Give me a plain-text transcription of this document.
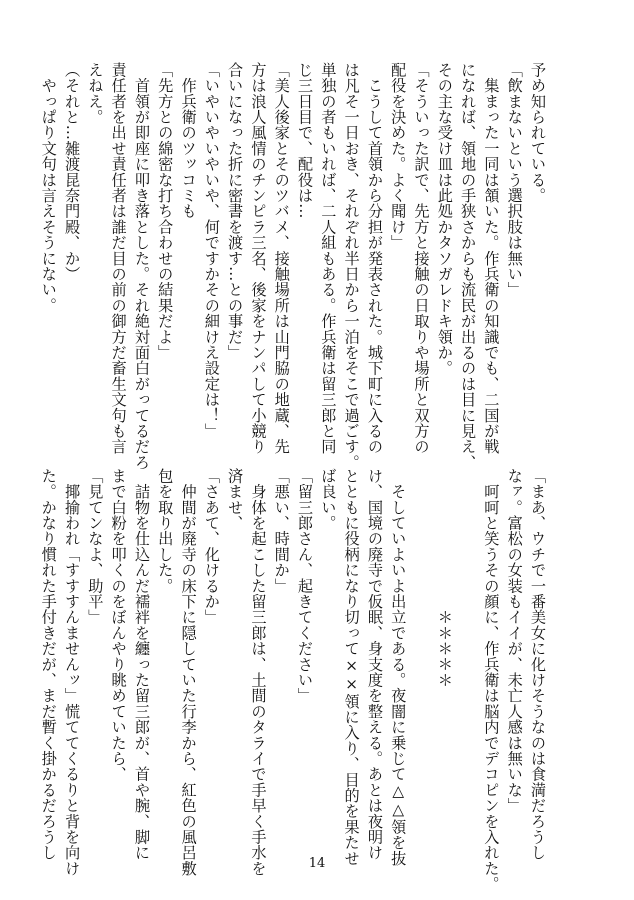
予め知られている。
「飲まないという選択肢は無い」
　集まった一同は頷いた。作兵衛の知識でも、二国が戦
になれば、領地の手狭さからも流民が出るのは目に見え、
その主な受け皿は此処かタソガレドキ領か。
「そういった訳で、先方と接触の日取りや場所と双方の
配役を決めた。よく聞け」
　こうして首領から分担が発表された。城下町に入るの
は凡そ一日おき、それぞれ半日から一泊をそこで過ごす。
単独の者もいれば、二人組もある。作兵衛は留三郎と同
じ三日目で、配役は…
「美人後家とそのツバメ、接触場所は山門脇の地蔵、先
方は浪人風情のチンピラ三名、後家をナンパして小競り
合いになった折に密書を渡す…との事だ」
「いやいやいやいや、何ですかその細けえ設定は！」
　作兵衛のツッコミも
「先方との綿密な打ち合わせの結果だよ」
　首領が即座に叩き落とした。それ絶対面白がってるだろ
責任者を出せ責任者は誰だ目の前の御方だ畜生文句も言
えねえ。
（それと…雑渡昆奈門殿、か）
　やっぱり文句は言えそうにない。
「まあ、ウチで一番美女に化けそうなのは食満だろうし
なァ。富松の女装もイイが、未亡人感は無いな」
　呵呵と笑うその顔に、作兵衛は脳内でデコピンを入れた。

　　　　　　　　　＊＊＊＊＊

　そしていよいよ出立である。夜闇に乗じて△△領を抜
け、国境の廃寺で仮眠、身支度を整える。あとは夜明け
とともに役柄になり切って××領に入り、目的を果たせ
ば良い。
「留三郎さん、起きてください」
「悪い、時間か」
　身体を起こした留三郎は、土間のタライで手早く手水を
済ませ、
「さあて、化けるか」
　仲間が廃寺の床下に隠していた行李から、紅色の風呂敷
包を取り出した。
　詰物を仕込んだ襦袢を纏った留三郎が、首や腕、脚に
まで白粉を叩くのをぼんやり眺めていたら、
「見てンなよ、助平」
　揶揄われ「すすすんませんッ」慌ててくるりと背を向け
た。かなり慣れた手付きだが、まだ暫く掛かるだろうし
14
